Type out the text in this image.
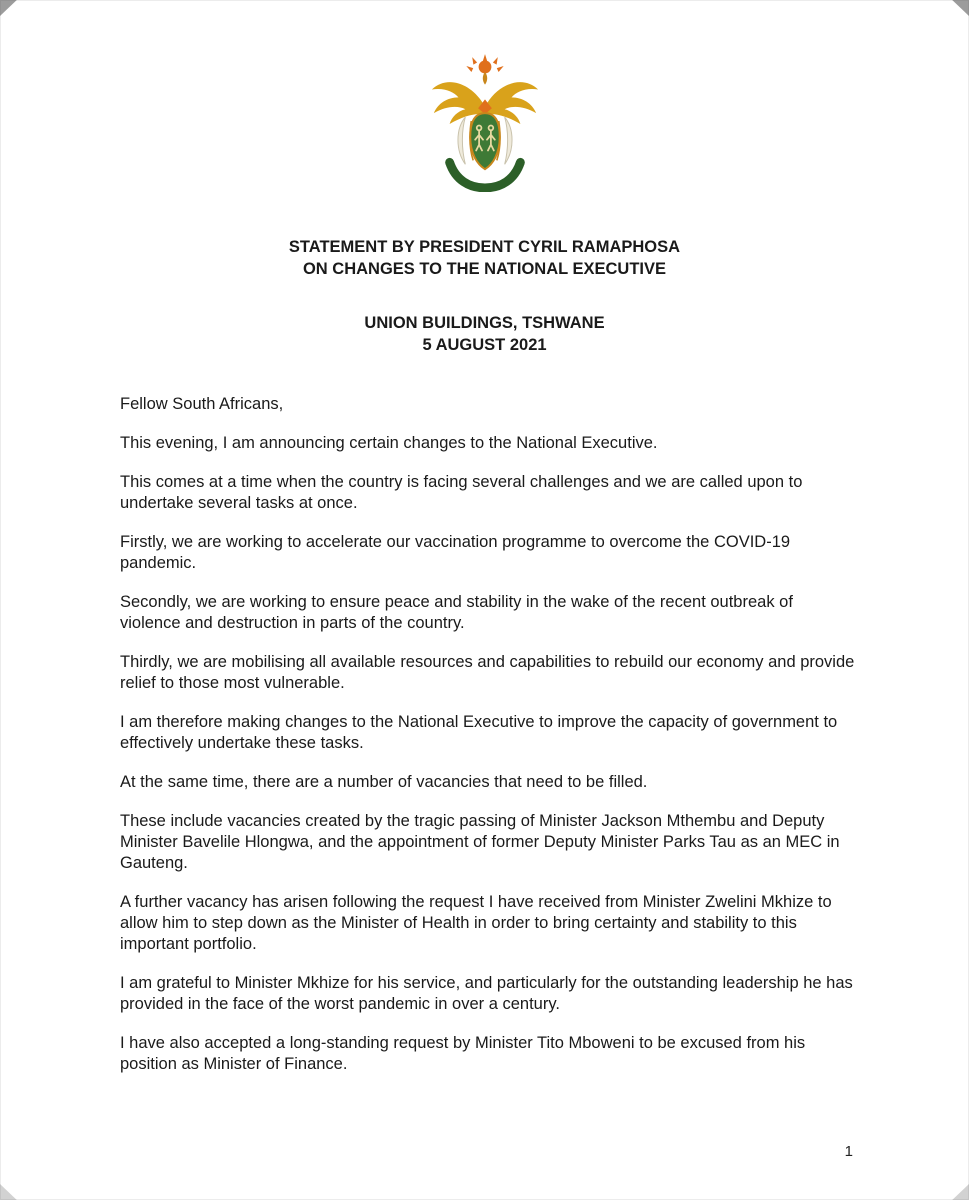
STATEMENT BY PRESIDENT CYRIL RAMAPHOSA
ON CHANGES TO THE NATIONAL EXECUTIVE
UNION BUILDINGS, TSHWANE
5 AUGUST 2021

Fellow South Africans,

This evening, I am announcing certain changes to the National Executive.

This comes at a time when the country is facing several challenges and we are called upon to undertake several tasks at once.

Firstly, we are working to accelerate our vaccination programme to overcome the COVID-19 pandemic.

Secondly, we are working to ensure peace and stability in the wake of the recent outbreak of violence and destruction in parts of the country.

Thirdly, we are mobilising all available resources and capabilities to rebuild our economy and provide relief to those most vulnerable.

I am therefore making changes to the National Executive to improve the capacity of government to effectively undertake these tasks.

At the same time, there are a number of vacancies that need to be filled.

These include vacancies created by the tragic passing of Minister Jackson Mthembu and Deputy Minister Bavelile Hlongwa, and the appointment of former Deputy Minister Parks Tau as an MEC in Gauteng.

A further vacancy has arisen following the request I have received from Minister Zwelini Mkhize to allow him to step down as the Minister of Health in order to bring certainty and stability to this important portfolio.

I am grateful to Minister Mkhize for his service, and particularly for the outstanding leadership he has provided in the face of the worst pandemic in over a century.

I have also accepted a long-standing request by Minister Tito Mboweni to be excused from his position as Minister of Finance.

1
